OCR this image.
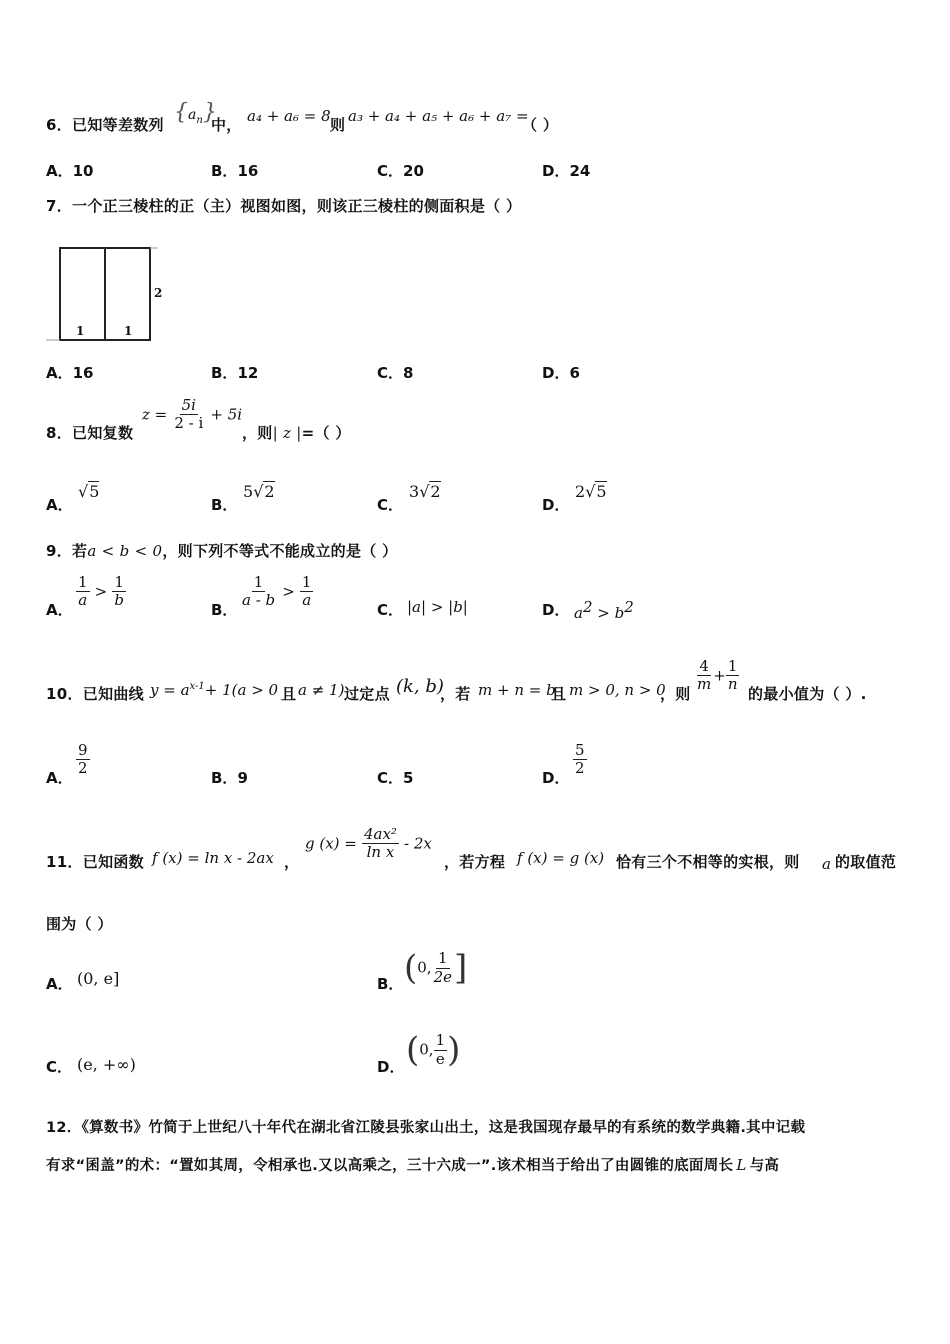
6．已知等差数列 $\{a_n\}$
中， a₄ + a₆ = 8 则 a₃ + a₄ + a₅ + a₆ + a₇ =
（ ）
A．10	B．16	C．20	D．24
7．一个正三棱柱的正（主）视图如图，则该正三棱柱的侧面积是（ ）
1	1
2
A．16	B．12	C．8	D．6
8．已知复数
$z = \frac{5i}{2 - i} + 5i$
，则| z |=（ ）
A．
√5
B．
5√2
C．
3√2
D．
2√5
9．若a < b < 0，则下列不等式不能成立的是（ ）
A．
$\frac{1}{a} > \frac{1}{b}$
B．
$\frac{1}{a - b} > \frac{1}{a}$
C． |a| > |b|	D． $a^2 > b^2$
10．已知曲线 $y = a^{x-1}+ 1(a > 0$ 且 a ≠ 1) 过定点 (k, b)
，若 m + n = b
且 m > 0, n > 0
，则
$\frac{4}{m} + \frac{1}{n}$
的最小值为（ ）.
A．
$\frac{9}{2}$
B．9	C．5	D．
$\frac{5}{2}$
11．已知函数 f (x) = ln x - 2ax ，
g $(x) = \frac{\text{4ax²}}{\text{ln x}} - 2x$
，若方程 f (x) = g (x) 恰有三个不相等的实根，则 a 的取值范
围为（ ）
A． (0, e]	B． (0, $\frac{1}{2e}$ ]
C． (e, +∞)	D． (0, $\frac{1}{e}$ )
12．《算数书》竹简于上世纪八十年代在湖北省江陵县张家山出土，这是我国现存最早的有系统的数学典籍.其中记载
有求“囷盖”的术：“置如其周，令相承也.又以高乘之，三十六成一”.该术相当于给出了由圆锥的底面周长 L 与高
